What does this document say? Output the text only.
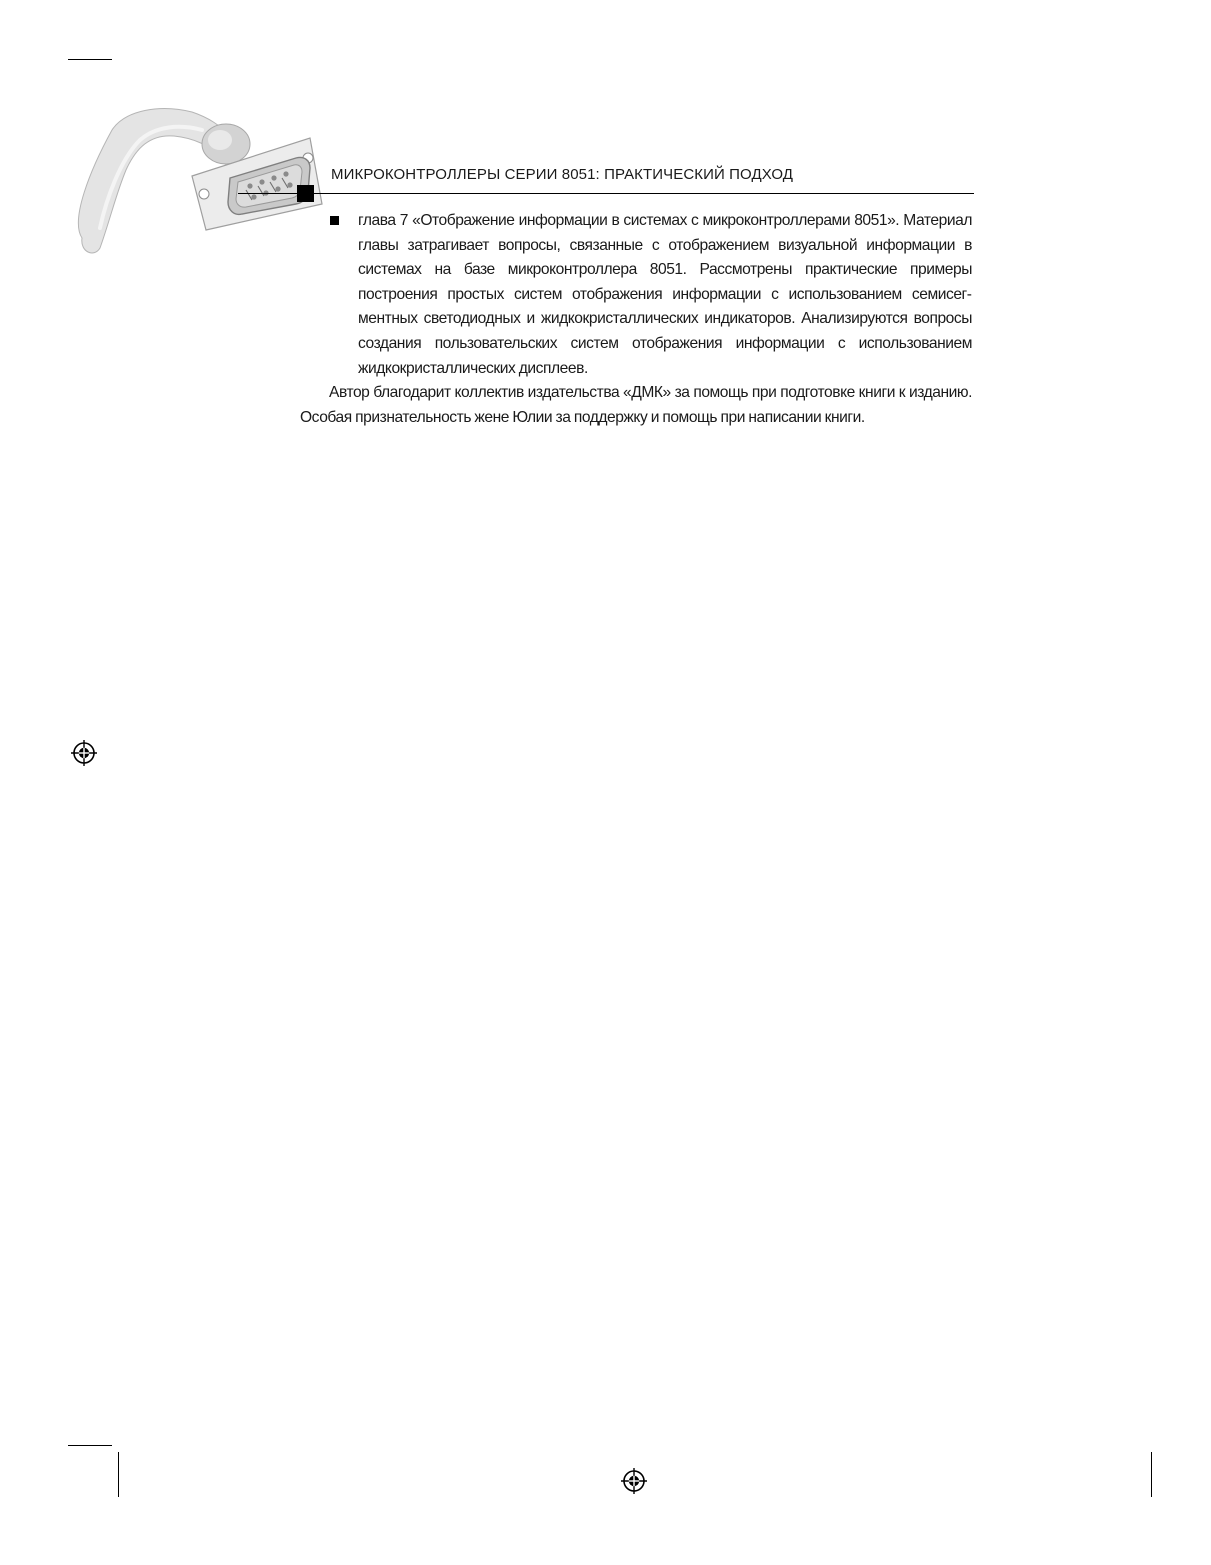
МИКРОКОНТРОЛЛЕРЫ СЕРИИ 8051: ПРАКТИЧЕСКИЙ ПОДХОД
глава 7 «Отображение информации в системах с микроконтроллерами 8051». Материал главы затрагивает вопросы, связанные с отображением визуальной информации в системах на базе микроконтроллера 8051. Рассмотрены практические примеры построения простых систем отображения информации с использованием семисегментных светодиодных и жидкокристаллических индикаторов. Анализируются вопросы создания пользовательских систем отображения информации с использованием жидкокристаллических дисплеев.
Автор благодарит коллектив издательства «ДМК» за помощь при подготовке книги к изданию. Особая признательность жене Юлии за поддержку и помощь при написании книги.
